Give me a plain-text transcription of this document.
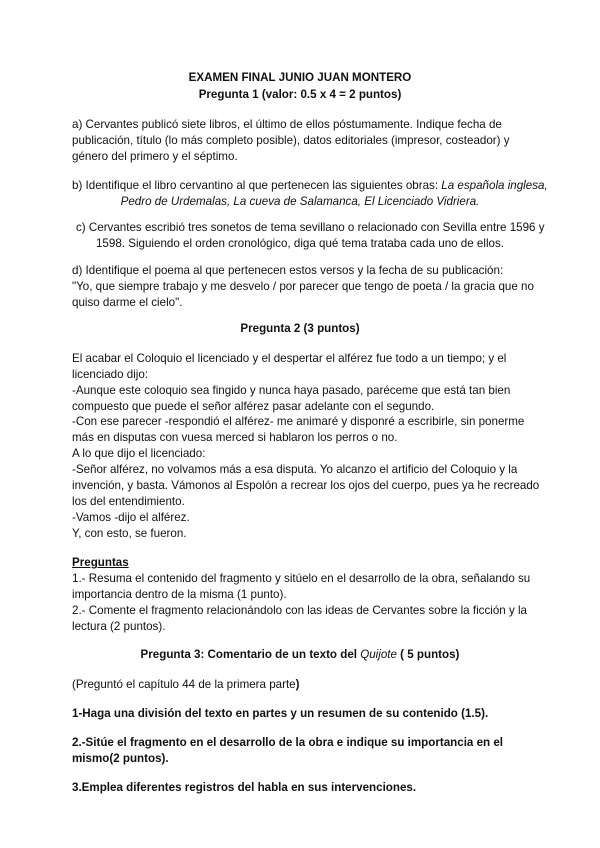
EXAMEN FINAL JUNIO JUAN MONTERO
Pregunta 1 (valor: 0.5 x 4 = 2 puntos)
a) Cervantes publicó siete libros, el último de ellos póstumamente. Indique fecha de
publicación, título (lo más completo posible), datos editoriales (impresor, costeador) y
género del primero y el séptimo.
b) Identifique el libro cervantino al que pertenecen las siguientes obras: La española inglesa,
Pedro de Urdemalas, La cueva de Salamanca, El Licenciado Vidriera.
c) Cervantes escribió tres sonetos de tema sevillano o relacionado con Sevilla entre 1596 y
1598. Siguiendo el orden cronológico, diga qué tema trataba cada uno de ellos.
d) Identifique el poema al que pertenecen estos versos y la fecha de su publicación:
"Yo, que siempre trabajo y me desvelo / por parecer que tengo de poeta / la gracia que no
quiso darme el cielo".
Pregunta 2 (3 puntos)
El acabar el Coloquio el licenciado y el despertar el alférez fue todo a un tiempo; y el
licenciado dijo:
-Aunque este coloquio sea fingido y nunca haya pasado, paréceme que está tan bien
compuesto que puede el señor alférez pasar adelante con el segundo.
-Con ese parecer -respondió el alférez- me animaré y disponré a escribirle, sin ponerme
más en disputas con vuesa merced si hablaron los perros o no.
A lo que dijo el licenciado:
-Señor alférez, no volvamos más a esa disputa. Yo alcanzo el artificio del Coloquio y la
invención, y basta. Vámonos al Espolón a recrear los ojos del cuerpo, pues ya he recreado
los del entendimiento.
-Vamos -dijo el alférez.
Y, con esto, se fueron.
Preguntas
1.- Resuma el contenido del fragmento y sitúelo en el desarrollo de la obra, señalando su
importancia dentro de la misma (1 punto).
2.- Comente el fragmento relacionándolo con las ideas de Cervantes sobre la ficción y la
lectura (2 puntos).
Pregunta 3: Comentario de un texto del Quijote ( 5 puntos)
(Preguntó el capítulo 44 de la primera parte)
1-Haga una división del texto en partes y un resumen de su contenido (1.5).
2.-Sitúe el fragmento en el desarrollo de la obra e indique su importancia en el
mismo(2 puntos).
3.Emplea diferentes registros del habla en sus intervenciones.
